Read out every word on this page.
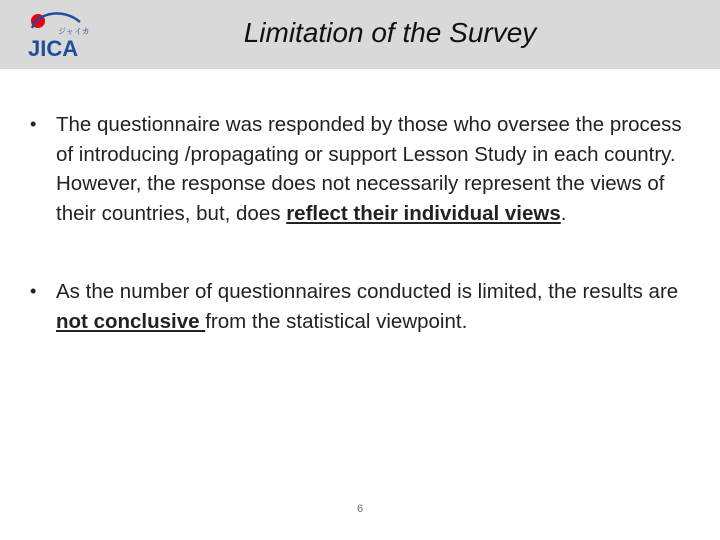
ジャイカ
JICA
Limitation of the Survey
• The questionnaire was responded by those who oversee the process of introducing /propagating or support Lesson Study in each country. However, the response does not necessarily represent the views of their countries, but, does reflect their individual views.
• As the number of questionnaires conducted is limited, the results are not conclusive from the statistical viewpoint.
6
